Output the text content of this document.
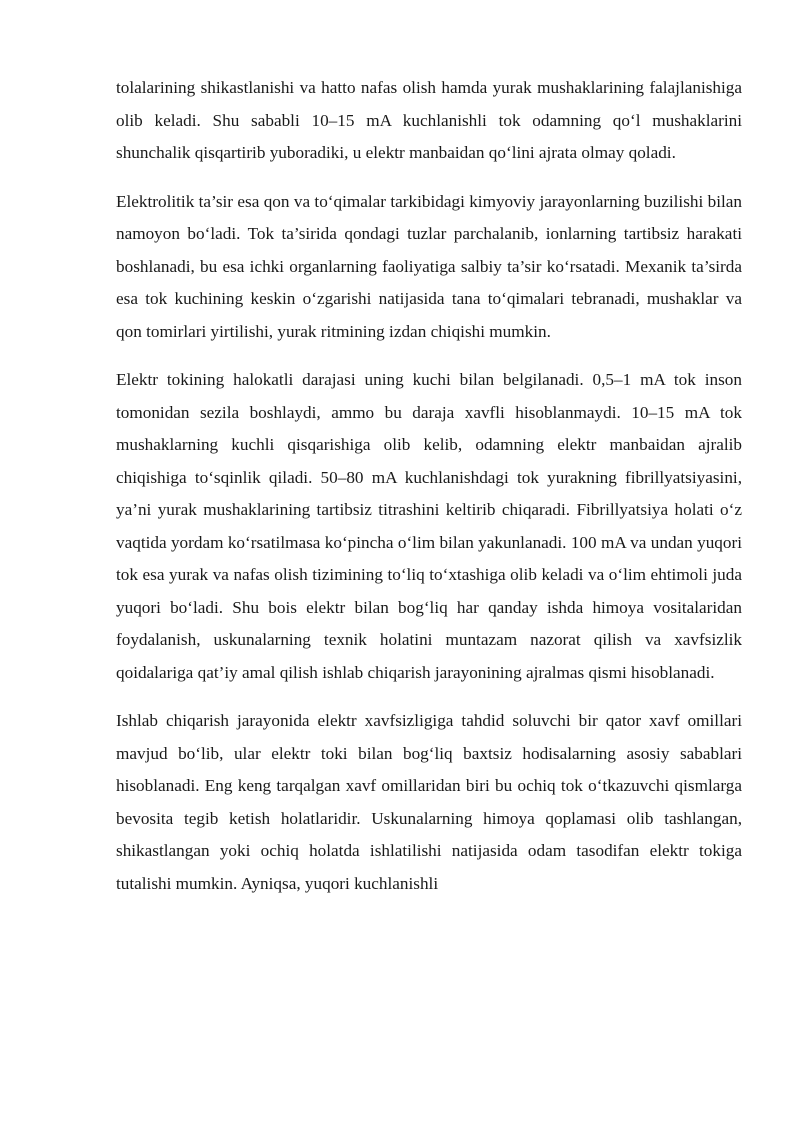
tolalarining shikastlanishi va hatto nafas olish hamda yurak mushaklarining falajlanishiga olib keladi. Shu sababli 10–15 mA kuchlanishli tok odamning qo‘l mushaklarini shunchalik qisqartirib yuboradiki, u elektr manbaidan qo‘lini ajrata olmay qoladi.

Elektrolitik ta’sir esa qon va to‘qimalar tarkibidagi kimyoviy jarayonlarning buzilishi bilan namoyon bo‘ladi. Tok ta’sirida qondagi tuzlar parchalanib, ionlarning tartibsiz harakati boshlanadi, bu esa ichki organlarning faoliyatiga salbiy ta’sir ko‘rsatadi. Mexanik ta’sirda esa tok kuchining keskin o‘zgarishi natijasida tana to‘qimalari tebranadi, mushaklar va qon tomirlari yirtilishi, yurak ritmining izdan chiqishi mumkin.

Elektr tokining halokatli darajasi uning kuchi bilan belgilanadi. 0,5–1 mA tok inson tomonidan sezila boshlaydi, ammo bu daraja xavfli hisoblanmaydi. 10–15 mA tok mushaklarning kuchli qisqarishiga olib kelib, odamning elektr manbaidan ajralib chiqishiga to‘sqinlik qiladi. 50–80 mA kuchlanishdagi tok yurakning fibrillyatsiyasini, ya’ni yurak mushaklarining tartibsiz titrashini keltirib chiqaradi. Fibrillyatsiya holati o‘z vaqtida yordam ko‘rsatilmasa ko‘pincha o‘lim bilan yakunlanadi. 100 mA va undan yuqori tok esa yurak va nafas olish tizimining to‘liq to‘xtashiga olib keladi va o‘lim ehtimoli juda yuqori bo‘ladi. Shu bois elektr bilan bog‘liq har qanday ishda himoya vositalaridan foydalanish, uskunalarning texnik holatini muntazam nazorat qilish va xavfsizlik qoidalariga qat’iy amal qilish ishlab chiqarish jarayonining ajralmas qismi hisoblanadi.

Ishlab chiqarish jarayonida elektr xavfsizligiga tahdid soluvchi bir qator xavf omillari mavjud bo‘lib, ular elektr toki bilan bog‘liq baxtsiz hodisalarning asosiy sabablari hisoblanadi. Eng keng tarqalgan xavf omillaridan biri bu ochiq tok o‘tkazuvchi qismlarga bevosita tegib ketish holatlaridir. Uskunalarning himoya qoplamasi olib tashlangan, shikastlangan yoki ochiq holatda ishlatilishi natijasida odam tasodifan elektr tokiga tutalishi mumkin. Ayniqsa, yuqori kuchlanishli
